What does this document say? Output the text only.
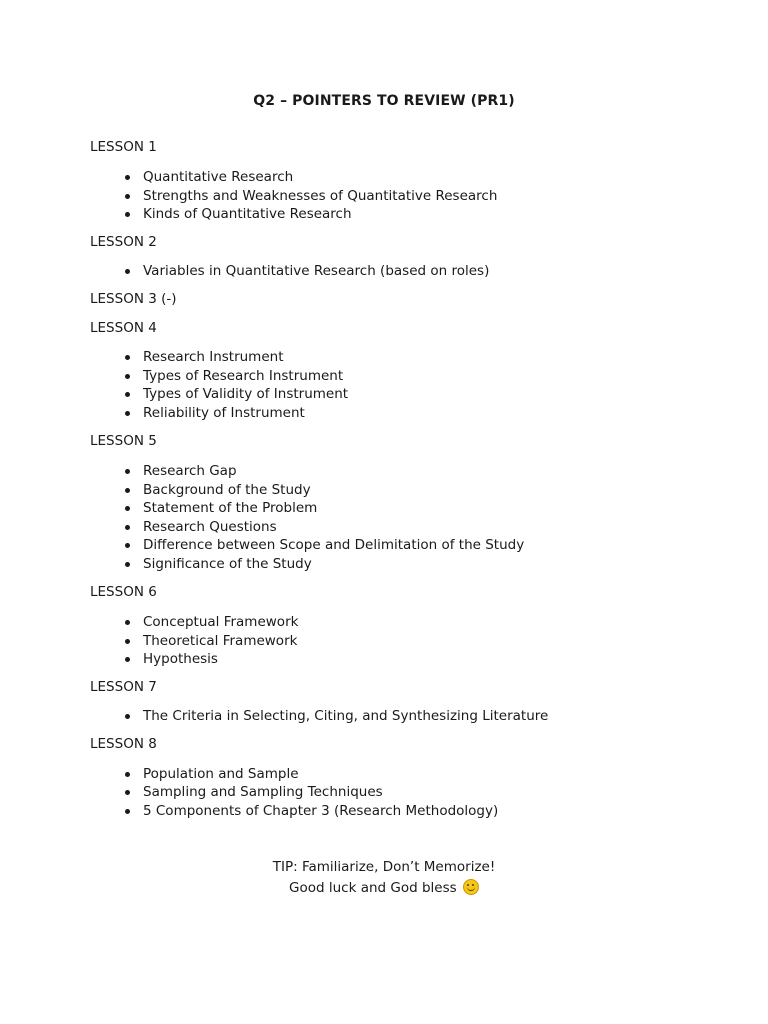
Q2 – POINTERS TO REVIEW (PR1)
LESSON 1
Quantitative Research
Strengths and Weaknesses of Quantitative Research
Kinds of Quantitative Research
LESSON 2
Variables in Quantitative Research (based on roles)
LESSON 3 (-)
LESSON 4
Research Instrument
Types of Research Instrument
Types of Validity of Instrument
Reliability of Instrument
LESSON 5
Research Gap
Background of the Study
Statement of the Problem
Research Questions
Difference between Scope and Delimitation of the Study
Significance of the Study
LESSON 6
Conceptual Framework
Theoretical Framework
Hypothesis
LESSON 7
The Criteria in Selecting, Citing, and Synthesizing Literature
LESSON 8
Population and Sample
Sampling and Sampling Techniques
5 Components of Chapter 3 (Research Methodology)
TIP: Familiarize, Don’t Memorize!
Good luck and God bless
